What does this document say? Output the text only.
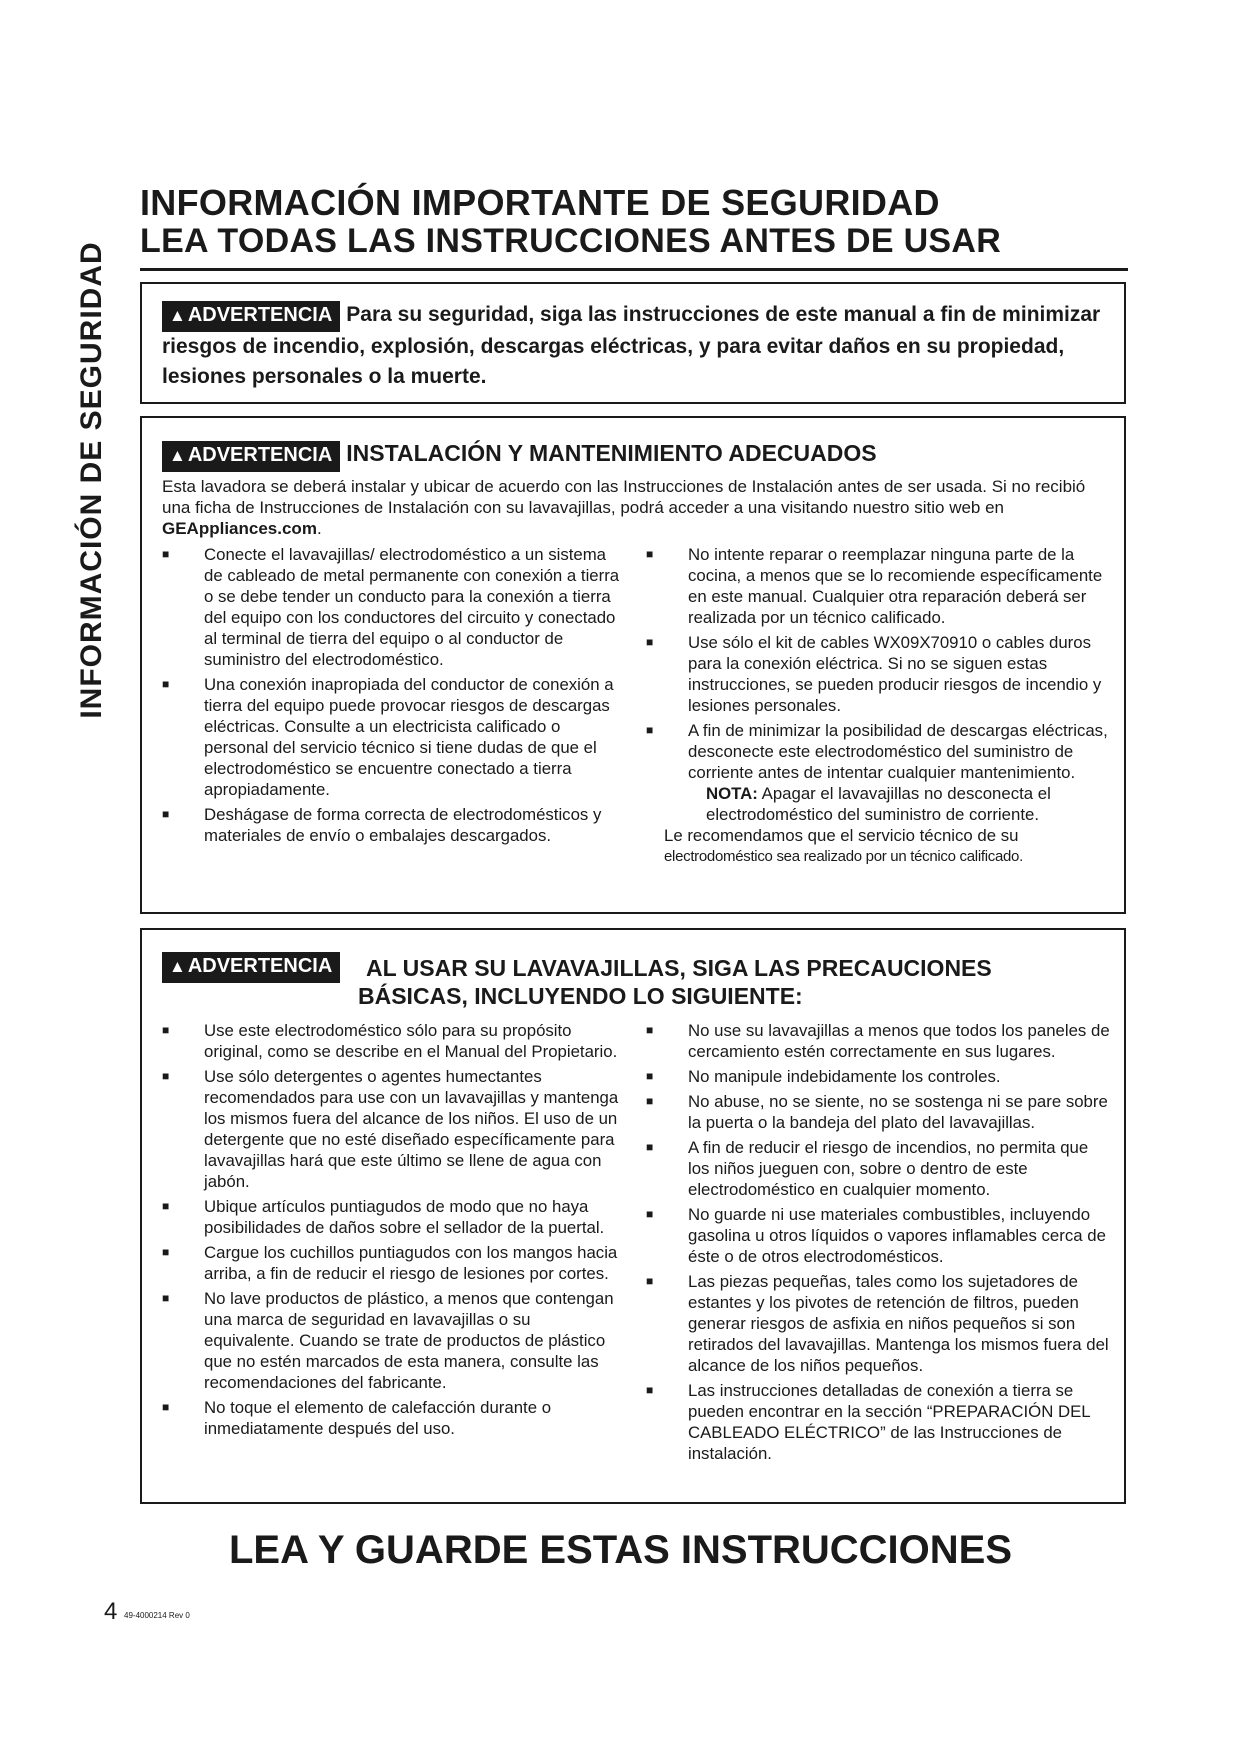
INFORMACIÓN DE SEGURIDAD
INFORMACIÓN IMPORTANTE DE SEGURIDAD
LEA TODAS LAS INSTRUCCIONES ANTES DE USAR

▲ ADVERTENCIA Para su seguridad, siga las instrucciones de este manual a fin de minimizar riesgos de incendio, explosión, descargas eléctricas, y para evitar daños en su propiedad, lesiones personales o la muerte.

▲ ADVERTENCIA INSTALACIÓN Y MANTENIMIENTO ADECUADOS

Esta lavadora se deberá instalar y ubicar de acuerdo con las Instrucciones de Instalación antes de ser usada. Si no recibió una ficha de Instrucciones de Instalación con su lavavajillas, podrá acceder a una visitando nuestro sitio web en GEAppliances.com.

■ Conecte el lavavajillas/ electrodoméstico a un sistema de cableado de metal permanente con conexión a tierra o se debe tender un conducto para la conexión a tierra del equipo con los conductores del circuito y conectado al terminal de tierra del equipo o al conductor de suministro del electrodoméstico.
■ Una conexión inapropiada del conductor de conexión a tierra del equipo puede provocar riesgos de descargas eléctricas. Consulte a un electricista calificado o personal del servicio técnico si tiene dudas de que el electrodoméstico se encuentre conectado a tierra apropiadamente.
■ Deshágase de forma correcta de electrodomésticos y materiales de envío o embalajes descargados.
■ No intente reparar o reemplazar ninguna parte de la cocina, a menos que se lo recomiende específicamente en este manual. Cualquier otra reparación deberá ser realizada por un técnico calificado.
■ Use sólo el kit de cables WX09X70910 o cables duros para la conexión eléctrica. Si no se siguen estas instrucciones, se pueden producir riesgos de incendio y lesiones personales.
■ A fin de minimizar la posibilidad de descargas eléctricas, desconecte este electrodoméstico del suministro de corriente antes de intentar cualquier mantenimiento.
NOTA: Apagar el lavavajillas no desconecta el electrodoméstico del suministro de corriente.
Le recomendamos que el servicio técnico de su
electrodoméstico sea realizado por un técnico calificado.
▲ ADVERTENCIA	AL USAR SU LAVAVAJILLAS, SIGA LAS PRECAUCIONES
BÁSICAS, INCLUYENDO LO SIGUIENTE:
■ Use este electrodoméstico sólo para su propósito original, como se describe en el Manual del Propietario.
■ Use sólo detergentes o agentes humectantes recomendados para use con un lavavajillas y mantenga los mismos fuera del alcance de los niños. El uso de un detergente que no esté diseñado específicamente para lavavajillas hará que este último se llene de agua con jabón.
■ Ubique artículos puntiagudos de modo que no haya posibilidades de daños sobre el sellador de la puertal.
■ Cargue los cuchillos puntiagudos con los mangos hacia arriba, a fin de reducir el riesgo de lesiones por cortes.
■ No lave productos de plástico, a menos que contengan una marca de seguridad en lavavajillas o su equivalente. Cuando se trate de productos de plástico que no estén marcados de esta manera, consulte las recomendaciones del fabricante.
■ No toque el elemento de calefacción durante o inmediatamente después del uso.
■ No use su lavavajillas a menos que todos los paneles de cercamiento estén correctamente en sus lugares.
■ No manipule indebidamente los controles.
■ No abuse, no se siente, no se sostenga ni se pare sobre la puerta o la bandeja del plato del lavavajillas.
■ A fin de reducir el riesgo de incendios, no permita que los niños jueguen con, sobre o dentro de este electrodoméstico en cualquier momento.
■ No guarde ni use materiales combustibles, incluyendo gasolina u otros líquidos o vapores inflamables cerca de éste o de otros electrodomésticos.
■ Las piezas pequeñas, tales como los sujetadores de estantes y los pivotes de retención de filtros, pueden generar riesgos de asfixia en niños pequeños si son retirados del lavavajillas. Mantenga los mismos fuera del alcance de los niños pequeños.
■ Las instrucciones detalladas de conexión a tierra se pueden encontrar en la sección “PREPARACIÓN DEL CABLEADO ELÉCTRICO” de las Instrucciones de instalación.
LEA Y GUARDE ESTAS INSTRUCCIONES
4 49-4000214 Rev 0
